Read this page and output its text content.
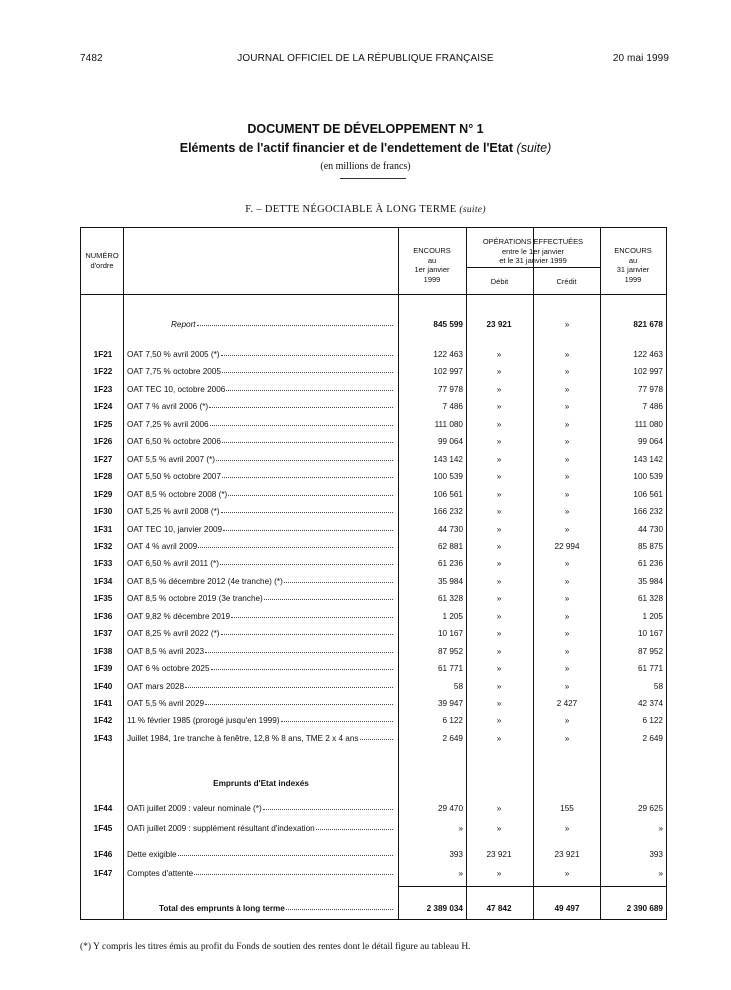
7482	JOURNAL OFFICIEL DE LA RÉPUBLIQUE FRANÇAISE	20 mai 1999
DOCUMENT DE DÉVELOPPEMENT N° 1
Eléments de l'actif financier et de l'endettement de l'Etat (suite)
(en millions de francs)
F. – DETTE NÉGOCIABLE À LONG TERME (suite)
NUMÉRO
d'ordre
ENCOURS
au
1er janvier
1999
OPÉRATIONS EFFECTUÉES
entre le 1er janvier
et le 31 janvier 1999
Débit	Crédit
ENCOURS
au
31 janvier
1999
Report	845 599	23 921	»	821 678
1F21	OAT 7,50 % avril 2005 (*)	122 463	»	»	122 463
1F22	OAT 7,75 % octobre 2005	102 997	»	»	102 997
1F23	OAT TEC 10, octobre 2006	77 978	»	»	77 978
1F24	OAT 7 % avril 2006 (*)	7 486	»	»	7 486
1F25	OAT 7,25 % avril 2006	111 080	»	»	111 080
1F26	OAT 6,50 % octobre 2006	99 064	»	»	99 064
1F27	OAT 5,5 % avril 2007 (*)	143 142	»	»	143 142
1F28	OAT 5,50 % octobre 2007	100 539	»	»	100 539
1F29	OAT 8,5 % octobre 2008 (*)	106 561	»	»	106 561
1F30	OAT 5,25 % avril 2008 (*)	166 232	»	»	166 232
1F31	OAT TEC 10, janvier 2009	44 730	»	»	44 730
1F32	OAT 4 % avril 2009	62 881	»	22 994	85 875
1F33	OAT 6,50 % avril 2011 (*)	61 236	»	»	61 236
1F34	OAT 8,5 % décembre 2012 (4e tranche) (*)	35 984	»	»	35 984
1F35	OAT 8,5 % octobre 2019 (3e tranche)	61 328	»	»	61 328
1F36	OAT 9,82 % décembre 2019	1 205	»	»	1 205
1F37	OAT 8,25 % avril 2022 (*)	10 167	»	»	10 167
1F38	OAT 8,5 % avril 2023	87 952	»	»	87 952
1F39	OAT 6 % octobre 2025	61 771	»	»	61 771
1F40	OAT mars 2028	58	»	»	58
1F41	OAT 5,5 % avril 2029	39 947	»	2 427	42 374
1F42	11 % février 1985 (prorogé jusqu'en 1999)	6 122	»	»	6 122
1F43	Juillet 1984, 1re tranche à fenêtre, 12,8 % 8 ans, TME 2 x 4 ans	2 649	»	»	2 649
Emprunts d'Etat indexés
1F44	OATi juillet 2009 : valeur nominale (*)	29 470	»	155	29 625
1F45	OATi juillet 2009 : supplément résultant d'indexation	»	»	»	»
1F46	Dette exigible	393	23 921	23 921	393
1F47	Comptes d'attente	»	»	»	»
Total des emprunts à long terme	2 389 034	47 842	49 497	2 390 689
(*) Y compris les titres émis au profit du Fonds de soutien des rentes dont le détail figure au tableau H.
